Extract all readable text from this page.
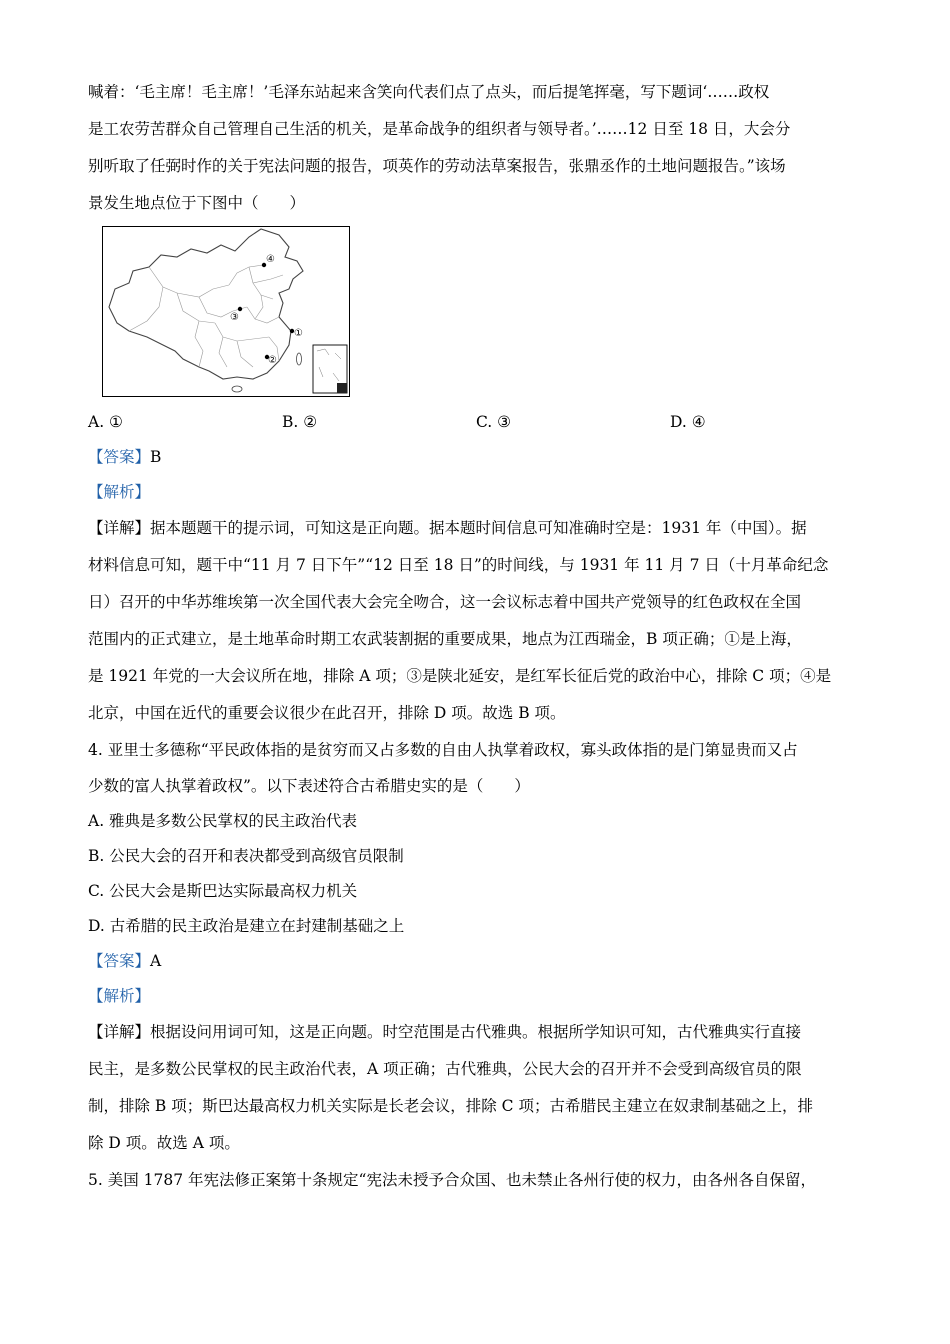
喊着：‘毛主席！毛主席！’毛泽东站起来含笑向代表们点了点头，而后提笔挥毫，写下题词‘……政权
是工农劳苦群众自己管理自己生活的机关，是革命战争的组织者与领导者。’……12 日至 18 日，大会分
别听取了任弼时作的关于宪法问题的报告，项英作的劳动法草案报告，张鼎丞作的土地问题报告。”该场
景发生地点位于下图中（　　）
①
②
③
④
A. ①	B. ②	C. ③	D. ④
【答案】B
【解析】
【详解】据本题题干的提示词，可知这是正向题。据本题时间信息可知准确时空是：1931 年（中国）。据
材料信息可知，题干中“11 月 7 日下午”“12 日至 18 日”的时间线，与 1931 年 11 月 7 日（十月革命纪念
日）召开的中华苏维埃第一次全国代表大会完全吻合，这一会议标志着中国共产党领导的红色政权在全国
范围内的正式建立，是土地革命时期工农武装割据的重要成果，地点为江西瑞金，B 项正确；①是上海，
是 1921 年党的一大会议所在地，排除 A 项；③是陕北延安，是红军长征后党的政治中心，排除 C 项；④是
北京，中国在近代的重要会议很少在此召开，排除 D 项。故选 B 项。
4. 亚里士多德称“平民政体指的是贫穷而又占多数的自由人执掌着政权，寡头政体指的是门第显贵而又占
少数的富人执掌着政权”。以下表述符合古希腊史实的是（　　）
A. 雅典是多数公民掌权的民主政治代表
B. 公民大会的召开和表决都受到高级官员限制
C. 公民大会是斯巴达实际最高权力机关
D. 古希腊的民主政治是建立在封建制基础之上
【答案】A
【解析】
【详解】根据设问用词可知，这是正向题。时空范围是古代雅典。根据所学知识可知，古代雅典实行直接
民主，是多数公民掌权的民主政治代表，A 项正确；古代雅典，公民大会的召开并不会受到高级官员的限
制，排除 B 项；斯巴达最高权力机关实际是长老会议，排除 C 项；古希腊民主建立在奴隶制基础之上，排
除 D 项。故选 A 项。
5. 美国 1787 年宪法修正案第十条规定“宪法未授予合众国、也未禁止各州行使的权力，由各州各自保留，
